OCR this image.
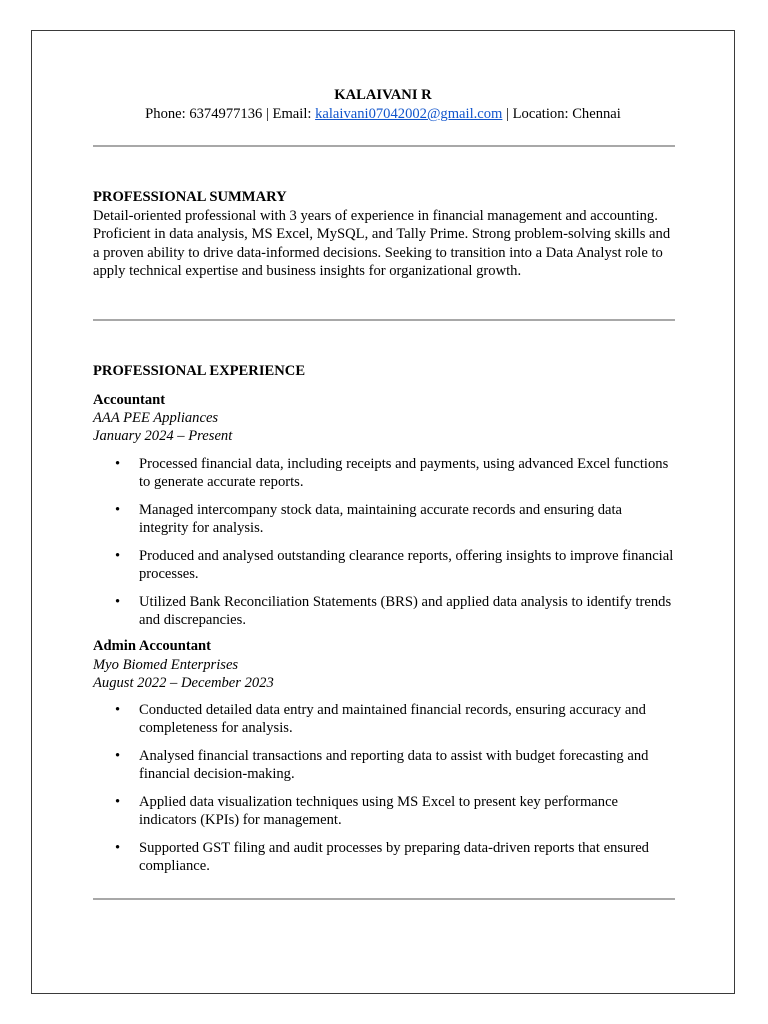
KALAIVANI R
Phone: 6374977136 | Email: kalaivani07042002@gmail.com | Location: Chennai
PROFESSIONAL SUMMARY
Detail-oriented professional with 3 years of experience in financial management and accounting. Proficient in data analysis, MS Excel, MySQL, and Tally Prime. Strong problem-solving skills and a proven ability to drive data-informed decisions. Seeking to transition into a Data Analyst role to apply technical expertise and business insights for organizational growth.
PROFESSIONAL EXPERIENCE
Accountant
AAA PEE Appliances
January 2024 – Present
• Processed financial data, including receipts and payments, using advanced Excel functions to generate accurate reports.
• Managed intercompany stock data, maintaining accurate records and ensuring data integrity for analysis.
• Produced and analysed outstanding clearance reports, offering insights to improve financial processes.
• Utilized Bank Reconciliation Statements (BRS) and applied data analysis to identify trends and discrepancies.
Admin Accountant
Myo Biomed Enterprises
August 2022 – December 2023
• Conducted detailed data entry and maintained financial records, ensuring accuracy and completeness for analysis.
• Analysed financial transactions and reporting data to assist with budget forecasting and financial decision-making.
• Applied data visualization techniques using MS Excel to present key performance indicators (KPIs) for management.
• Supported GST filing and audit processes by preparing data-driven reports that ensured compliance.
